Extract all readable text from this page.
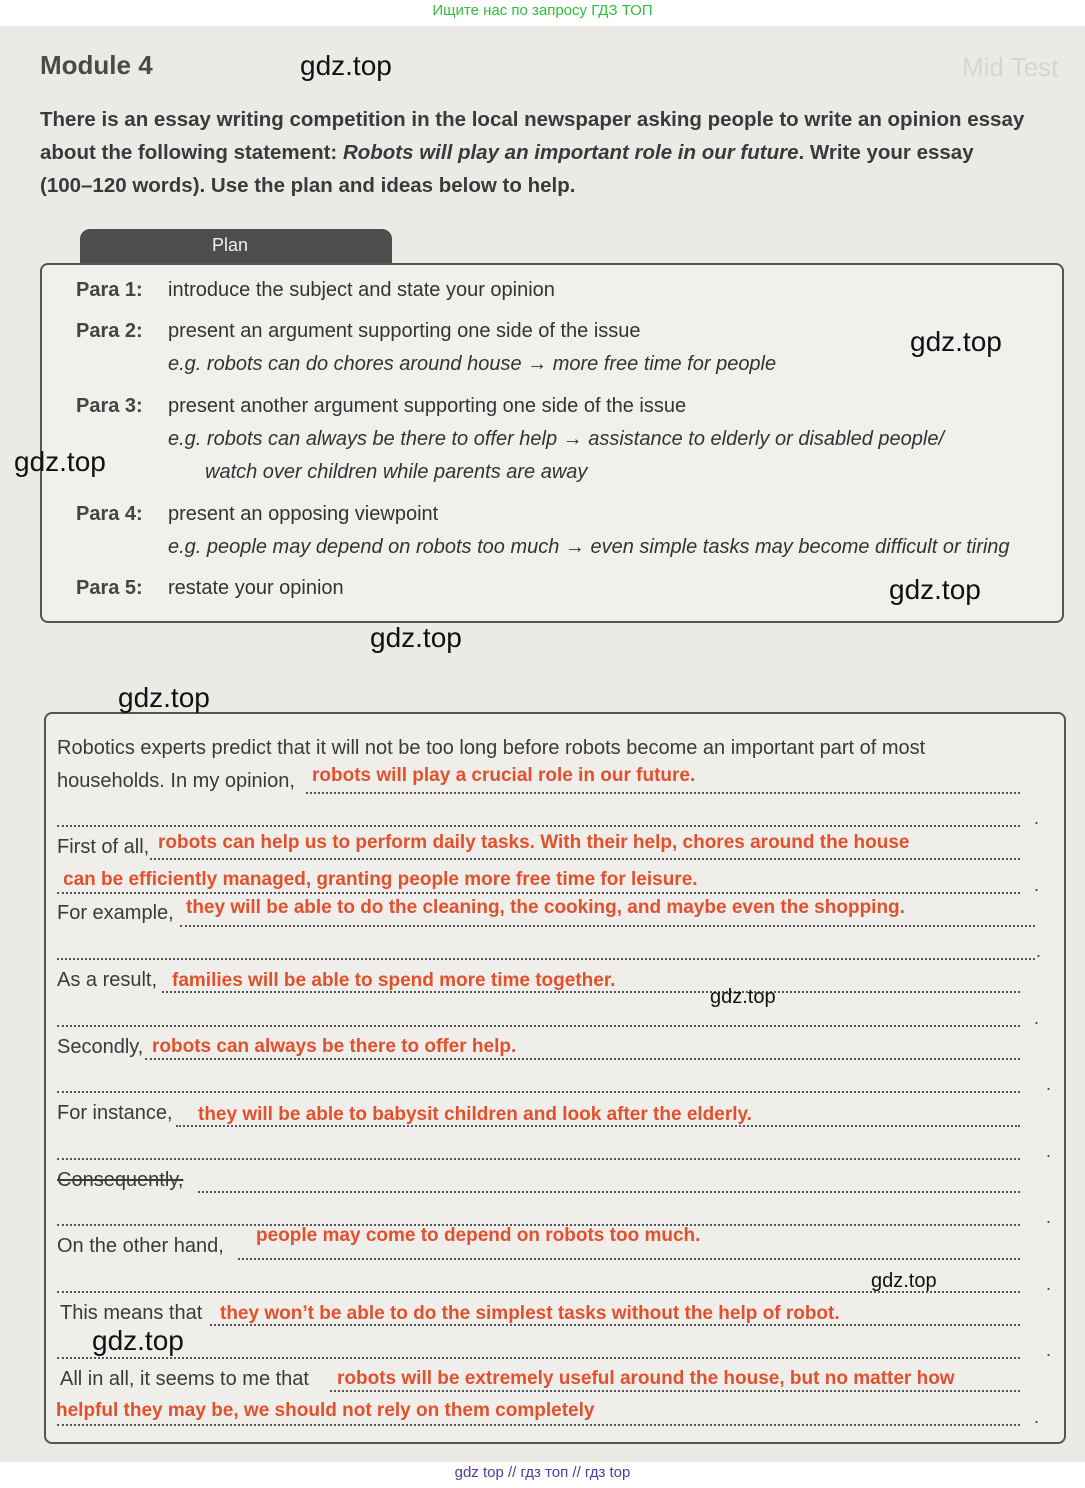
Ищите нас по запросу ГДЗ ТОП
Mid Test
Module 4
There is an essay writing competition in the local newspaper asking people to write an opinion essay about the following statement: Robots will play an important role in our future. Write your essay (100–120 words). Use the plan and ideas below to help.
Plan
Para 1: introduce the subject and state your opinion
Para 2: present an argument supporting one side of the issue
e.g. robots can do chores around house → more free time for people
Para 3: present another argument supporting one side of the issue
e.g. robots can always be there to offer help → assistance to elderly or disabled people/
watch over children while parents are away
Para 4: present an opposing viewpoint
e.g. people may depend on robots too much → even simple tasks may become difficult or tiring
Para 5: restate your opinion
Robotics experts predict that it will not be too long before robots become an important part of most
households. In my opinion, robots will play a crucial role in our future.
.
First of all, robots can help us to perform daily tasks. With their help, chores around the house
can be efficiently managed, granting people more free time for leisure.	.
For example, they will be able to do the cleaning, the cooking, and maybe even the shopping.
.
As a result, families will be able to spend more time together.
.
Secondly, robots can always be there to offer help.
.
For instance, they will be able to babysit children and look after the elderly.
.
Consequently,
.
On the other hand, people may come to depend on robots too much.
.
This means that they won’t be able to do the simplest tasks without the help of robot.
.
All in all, it seems to me that robots will be extremely useful around the house, but no matter how
helpful they may be, we should not rely on them completely	.
gdz.top
gdz.top
gdz.top
gdz.top
gdz.top
gdz.top
gdz.top
gdz.top
gdz.top
gdz top // гдз топ // гдз top
